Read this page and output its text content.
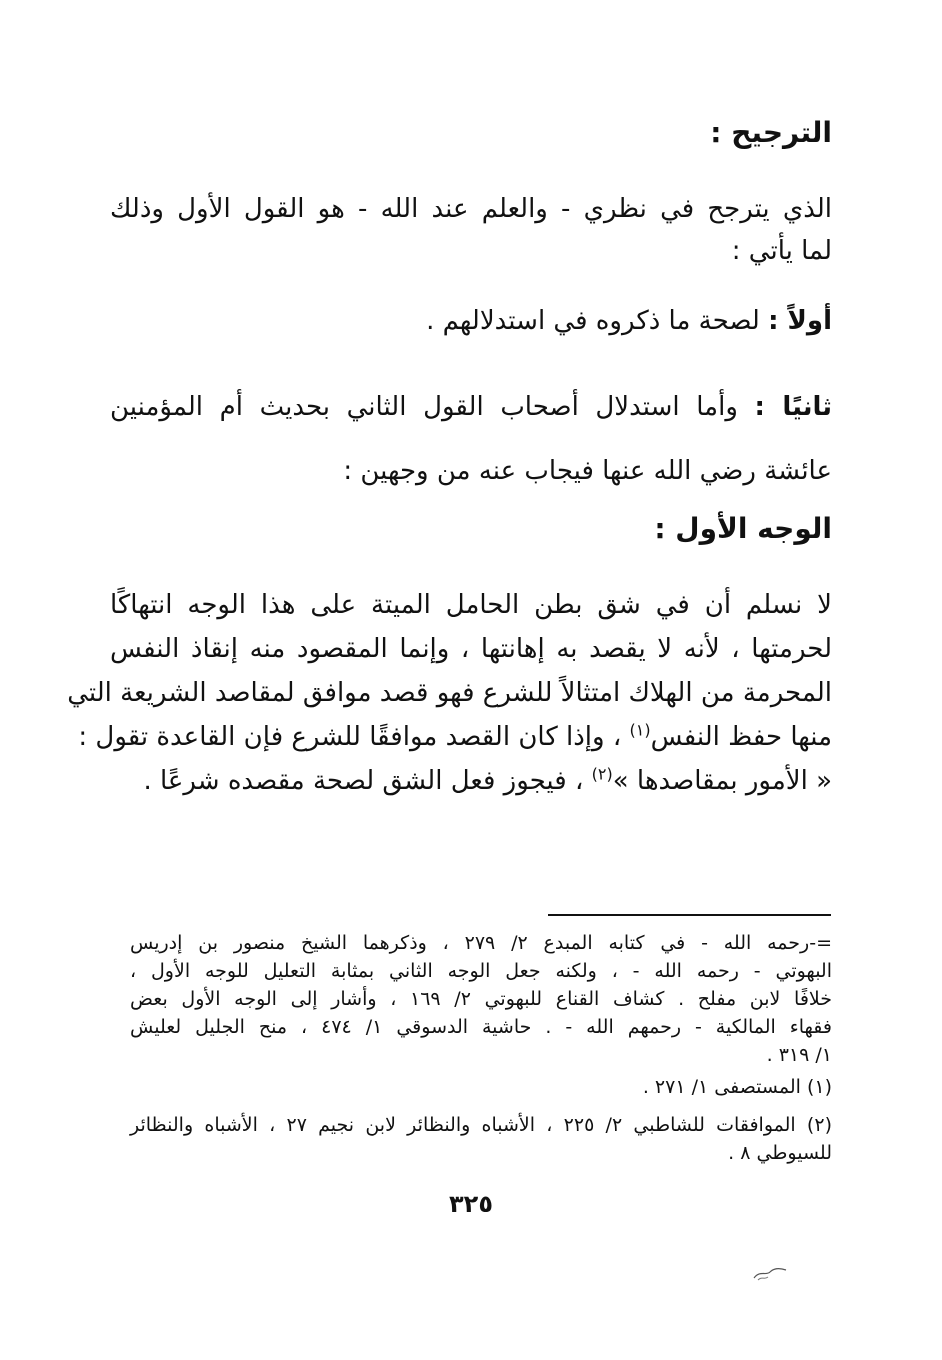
الترجيح :
الذي يترجح في نظري - والعلم عند الله - هو القول الأول وذلك
لما يأتي :
أولاً : لصحة ما ذكروه في استدلالهم .
ثانيًا : وأما استدلال أصحاب القول الثاني بحديث أم المؤمنين
عائشة رضي الله عنها فيجاب عنه من وجهين :
الوجه الأول :
لا نسلم أن في شق بطن الحامل الميتة على هذا الوجه انتهاكًا
لحرمتها ، لأنه لا يقصد به إهانتها ، وإنما المقصود منه إنقاذ النفس
المحرمة من الهلاك امتثالاً للشرع فهو قصد موافق لمقاصد الشريعة التي
منها حفظ النفس$^{(١)}$ ، وإذا كان القصد موافقًا للشرع فإن القاعدة تقول :
« الأمور بمقاصدها »$^{(٢)}$ ، فيجوز فعل الشق لصحة مقصده شرعًا .
=-رحمه الله - في كتابه المبدع ٢/ ٢٧٩ ، وذكرهما الشيخ منصور بن إدريس
البهوتي - رحمه الله - ، ولكنه جعل الوجه الثاني بمثابة التعليل للوجه الأول ،
خلافًا لابن مفلح . كشاف القناع للبهوتي ٢/ ١٦٩ ، وأشار إلى الوجه الأول بعض
فقهاء المالكية - رحمهم الله - . حاشية الدسوقي ١/ ٤٧٤ ، منح الجليل لعليش
١/ ٣١٩ .
(١) المستصفى ١/ ٢٧١ .
(٢) الموافقات للشاطبي ٢/ ٢٢٥ ، الأشباه والنظائر لابن نجيم ٢٧ ، الأشباه والنظائر
للسيوطي ٨ .
٣٢٥
